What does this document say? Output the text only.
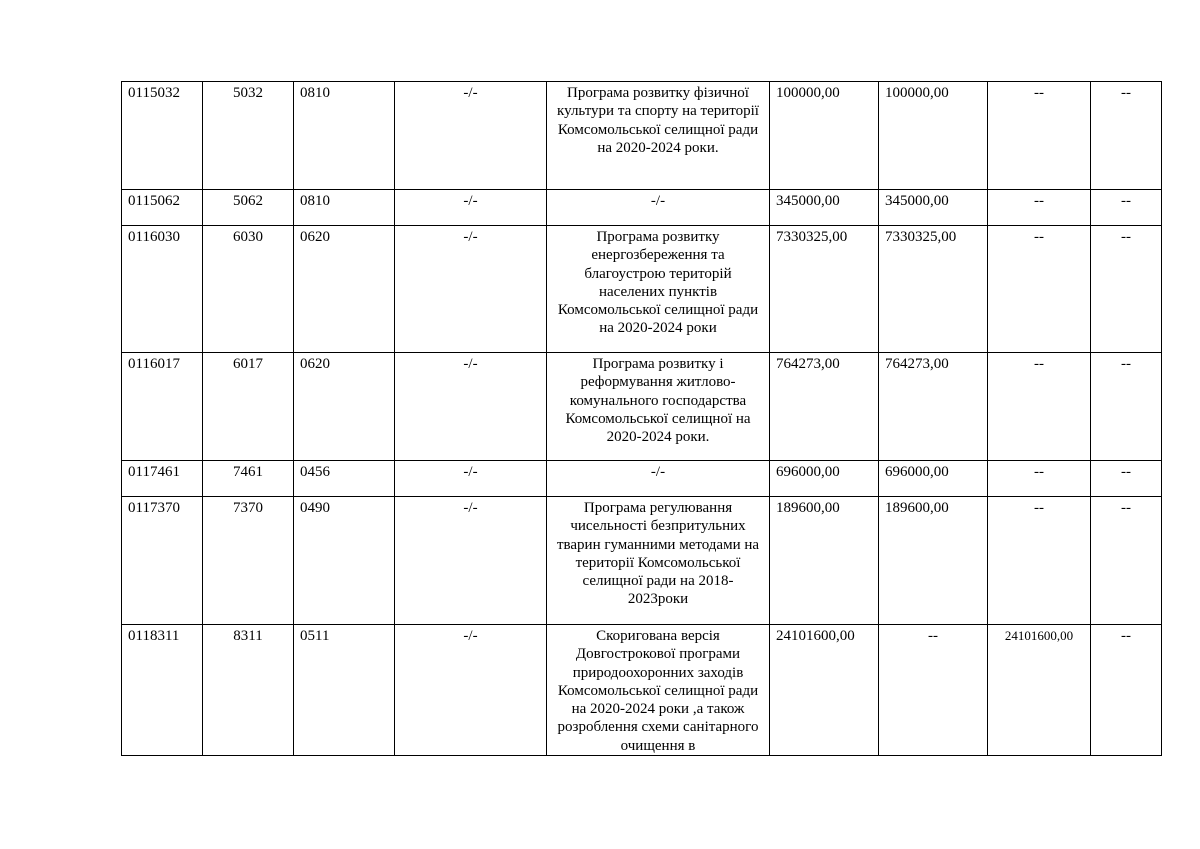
0115032	5032	0810	-/-	Програма розвитку фізичної культури та спорту на території Комсомольської селищної ради на 2020-2024 роки.	100000,00	100000,00	--	--
0115062	5062	0810	-/-	-/-	345000,00	345000,00	--	--
0116030	6030	0620	-/-	Програма розвитку енергозбереження та благоустрою територій населених пунктів Комсомольської селищної ради на 2020-2024 роки	7330325,00	7330325,00	--	--
0116017	6017	0620	-/-	Програма розвитку і реформування житлово-комунального господарства Комсомольської селищної на 2020-2024 роки.	764273,00	764273,00	--	--
0117461	7461	0456	-/-	-/-	696000,00	696000,00	--	--
0117370	7370	0490	-/-	Програма регулювання чисельності безпритульних тварин гуманними методами на території Комсомольської селищної ради на 2018-2023роки	189600,00	189600,00	--	--
0118311	8311	0511	-/-	Скоригована версія Довгострокової програми природоохоронних заходів Комсомольської селищної ради на 2020-2024 роки ,а також розроблення схеми санітарного очищення в	24101600,00	--	24101600,00	--
